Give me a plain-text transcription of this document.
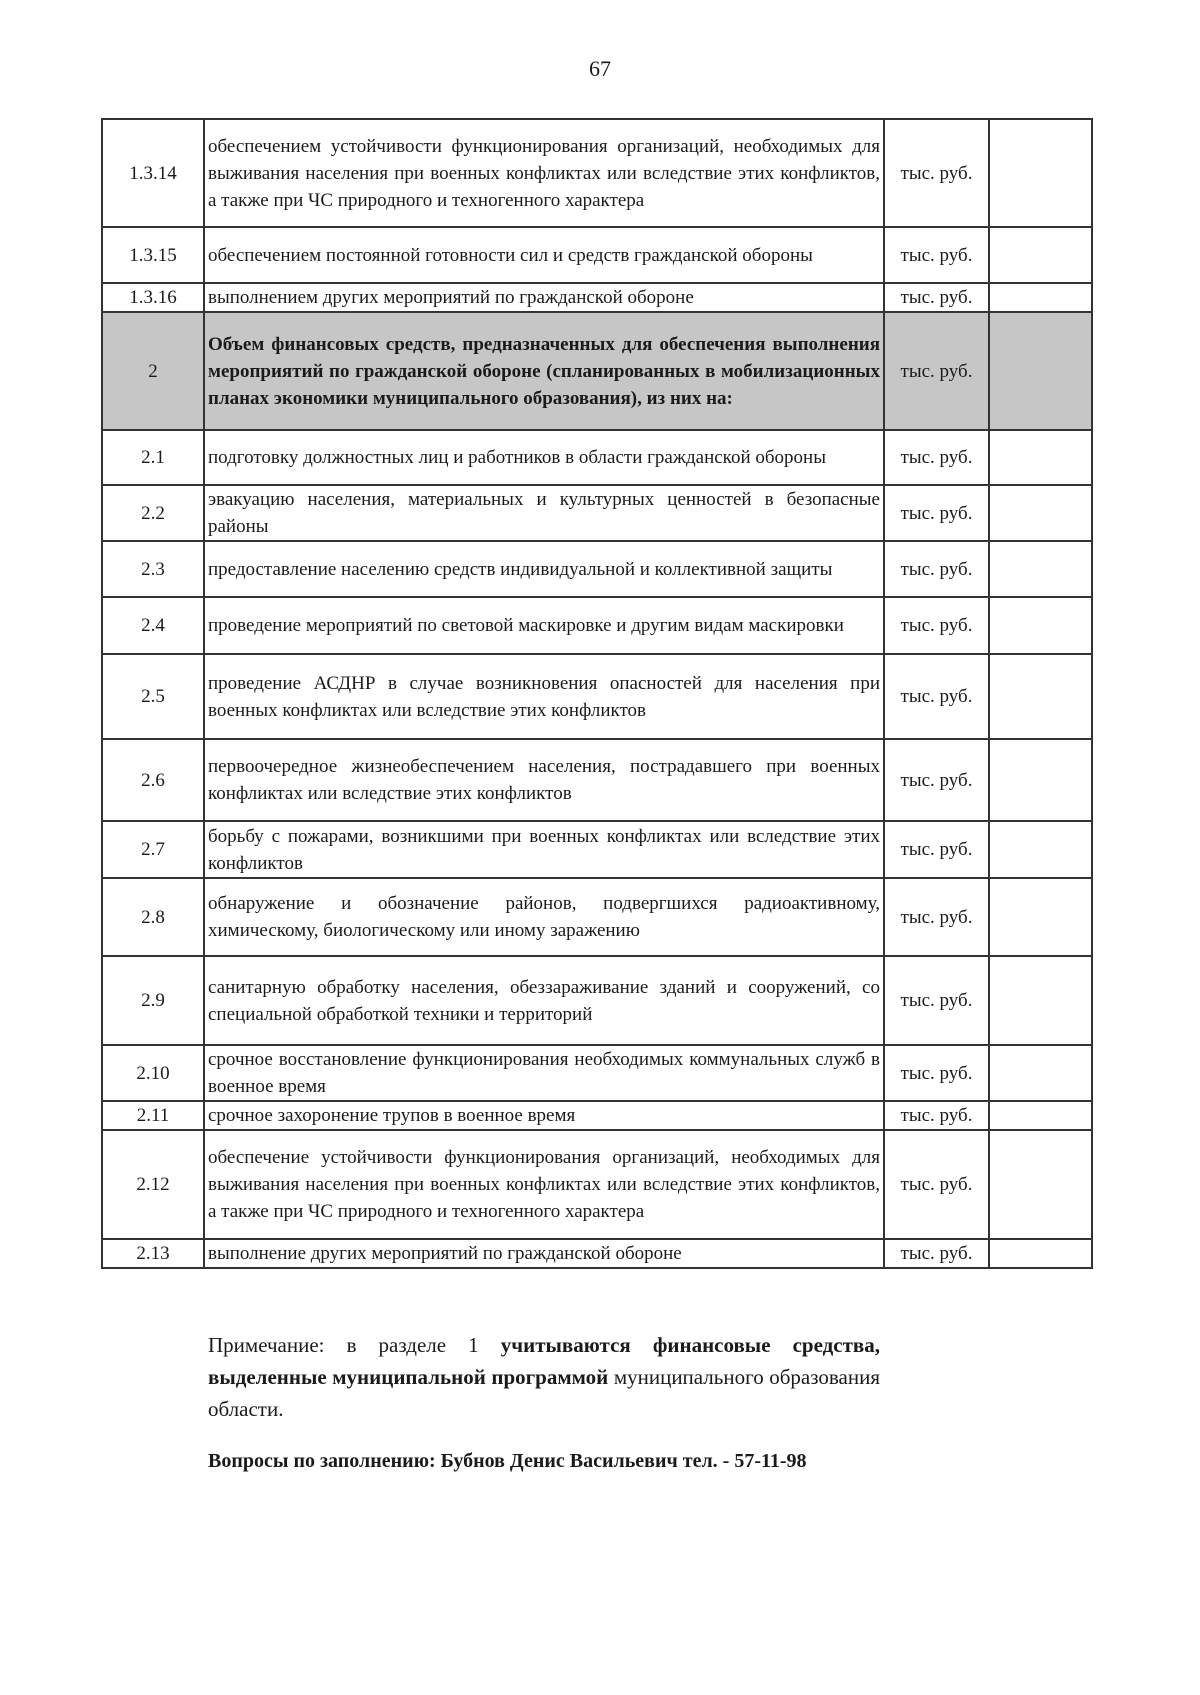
67
1.3.14	обеспечением устойчивости функционирования организаций, необходимых для выживания населения при военных конфликтах или вследствие этих конфликтов, а также при ЧС природного и техногенного характера	тыс. руб.	
1.3.15	обеспечением постоянной готовности сил и средств гражданской обороны	тыс. руб.	
1.3.16	выполнением других мероприятий по гражданской обороне	тыс. руб.	
2	Объем финансовых средств, предназначенных для обеспечения выполнения мероприятий по гражданской обороне (спланированных в мобилизационных планах экономики муниципального образования), из них на:	тыс. руб.	
2.1	подготовку должностных лиц и работников в области гражданской обороны	тыс. руб.	
2.2	эвакуацию населения, материальных и культурных ценностей в безопасные районы	тыс. руб.	
2.3	предоставление населению средств индивидуальной и коллективной защиты	тыс. руб.	
2.4	проведение мероприятий по световой маскировке и другим видам маскировки	тыс. руб.	
2.5	проведение АСДНР в случае возникновения опасностей для населения при военных конфликтах или вследствие этих конфликтов	тыс. руб.	
2.6	первоочередное жизнеобеспечением населения, пострадавшего при военных конфликтах или вследствие этих конфликтов	тыс. руб.	
2.7	борьбу с пожарами, возникшими при военных конфликтах или вследствие этих конфликтов	тыс. руб.	
2.8	обнаружение и обозначение районов, подвергшихся радиоактивному, химическому, биологическому или иному заражению	тыс. руб.	
2.9	санитарную обработку населения, обеззараживание зданий и сооружений, со специальной обработкой техники и территорий	тыс. руб.	
2.10	срочное восстановление функционирования необходимых коммунальных служб в военное время	тыс. руб.	
2.11	срочное захоронение трупов в военное время	тыс. руб.	
2.12	обеспечение устойчивости функционирования организаций, необходимых для выживания населения при военных конфликтах или вследствие этих конфликтов, а также при ЧС природного и техногенного характера	тыс. руб.	
2.13	выполнение других мероприятий по гражданской обороне	тыс. руб.	
Примечание: в разделе 1 учитываются финансовые средства, выделенные муниципальной программой муниципального образования области.
Вопросы по заполнению: Бубнов Денис Васильевич тел. - 57-11-98
